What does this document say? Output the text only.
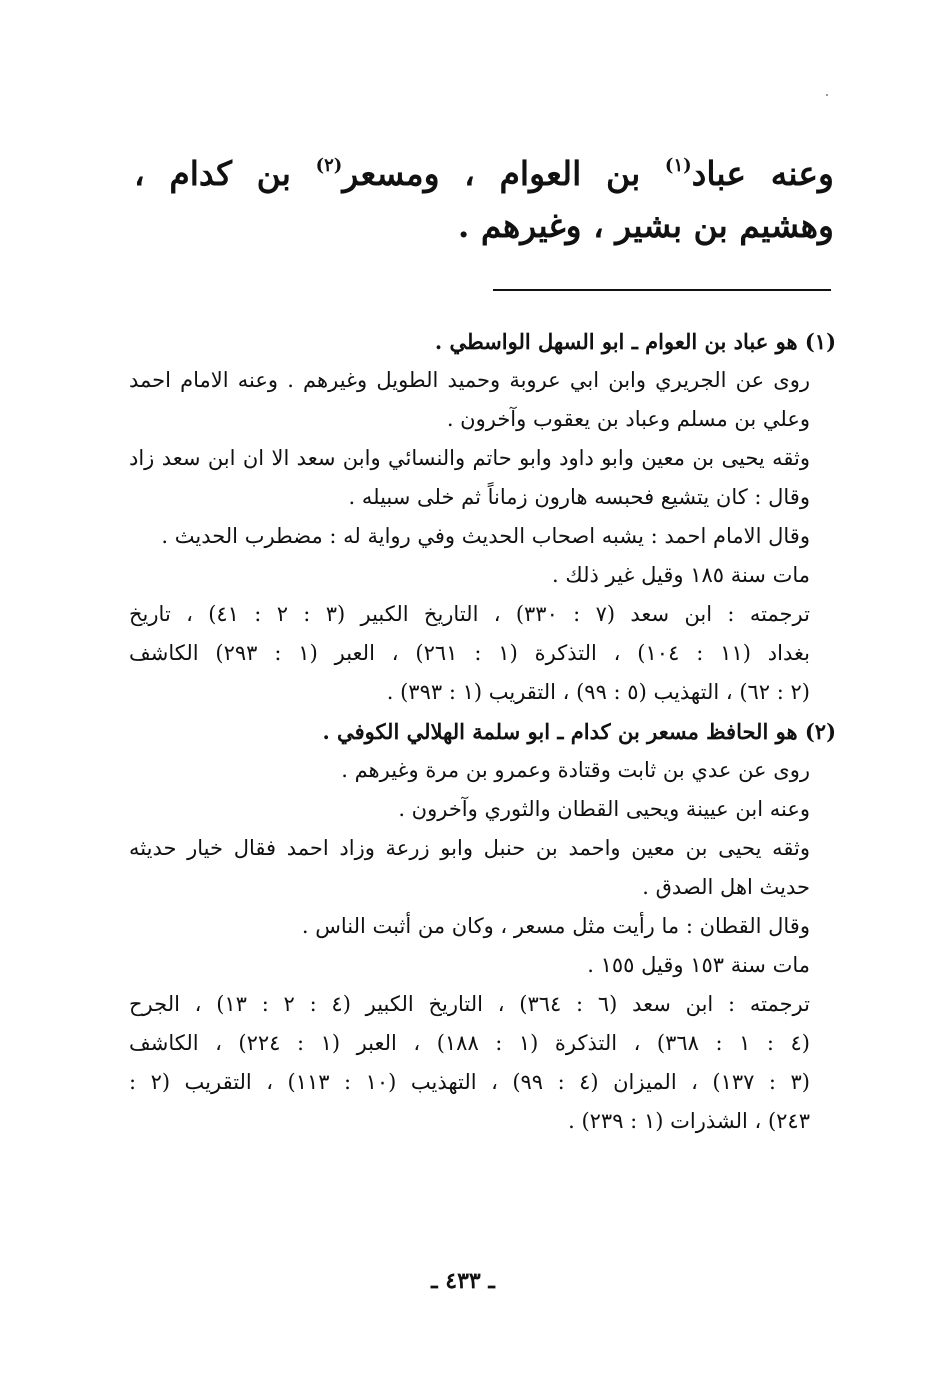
وعنه عباد$^{(١)}$ بن العوام ، ومسعر$^{(٢)}$ بن كدام ، وهشيم بن بشير ، وغيرهم .

(١) هو عباد بن العوام ـ ابو السهل الواسطي .
روى عن الجريري وابن ابي عروبة وحميد الطويل وغيرهم . وعنه الامام احمد
وعلي بن مسلم وعباد بن يعقوب وآخرون .
وثقه يحيى بن معين وابو داود وابو حاتم والنسائي وابن سعد الا ان ابن سعد زاد
وقال : كان يتشيع فحبسه هارون زماناً ثم خلى سبيله .
وقال الامام احمد : يشبه اصحاب الحديث وفي رواية له : مضطرب الحديث .
مات سنة ١٨٥ وقيل غير ذلك .
ترجمته : ابن سعد (٧ : ٣٣٠) ، التاريخ الكبير (٣ : ٢ : ٤١) ، تاريخ
بغداد (١١ : ١٠٤) ، التذكرة (١ : ٢٦١) ، العبر (١ : ٢٩٣) الكاشف
(٢ : ٦٢) ، التهذيب (٥ : ٩٩) ، التقريب (١ : ٣٩٣) .
(٢) هو الحافظ مسعر بن كدام ـ ابو سلمة الهلالي الكوفي .
روى عن عدي بن ثابت وقتادة وعمرو بن مرة وغيرهم .
وعنه ابن عيينة ويحيى القطان والثوري وآخرون .
وثقه يحيى بن معين واحمد بن حنبل وابو زرعة وزاد احمد فقال خيار حديثه
حديث اهل الصدق .
وقال القطان : ما رأيت مثل مسعر ، وكان من أثبت الناس .
مات سنة ١٥٣ وقيل ١٥٥ .
ترجمته : ابن سعد (٦ : ٣٦٤) ، التاريخ الكبير (٤ : ٢ : ١٣) ، الجرح
(٤ : ١ : ٣٦٨) ، التذكرة (١ : ١٨٨) ، العبر (١ : ٢٢٤) ، الكاشف
(٣ : ١٣٧) ، الميزان (٤ : ٩٩) ، التهذيب (١٠ : ١١٣) ، التقريب (٢ :
٢٤٣) ، الشذرات (١ : ٢٣٩) .
ـ ٤٣٣ ـ
